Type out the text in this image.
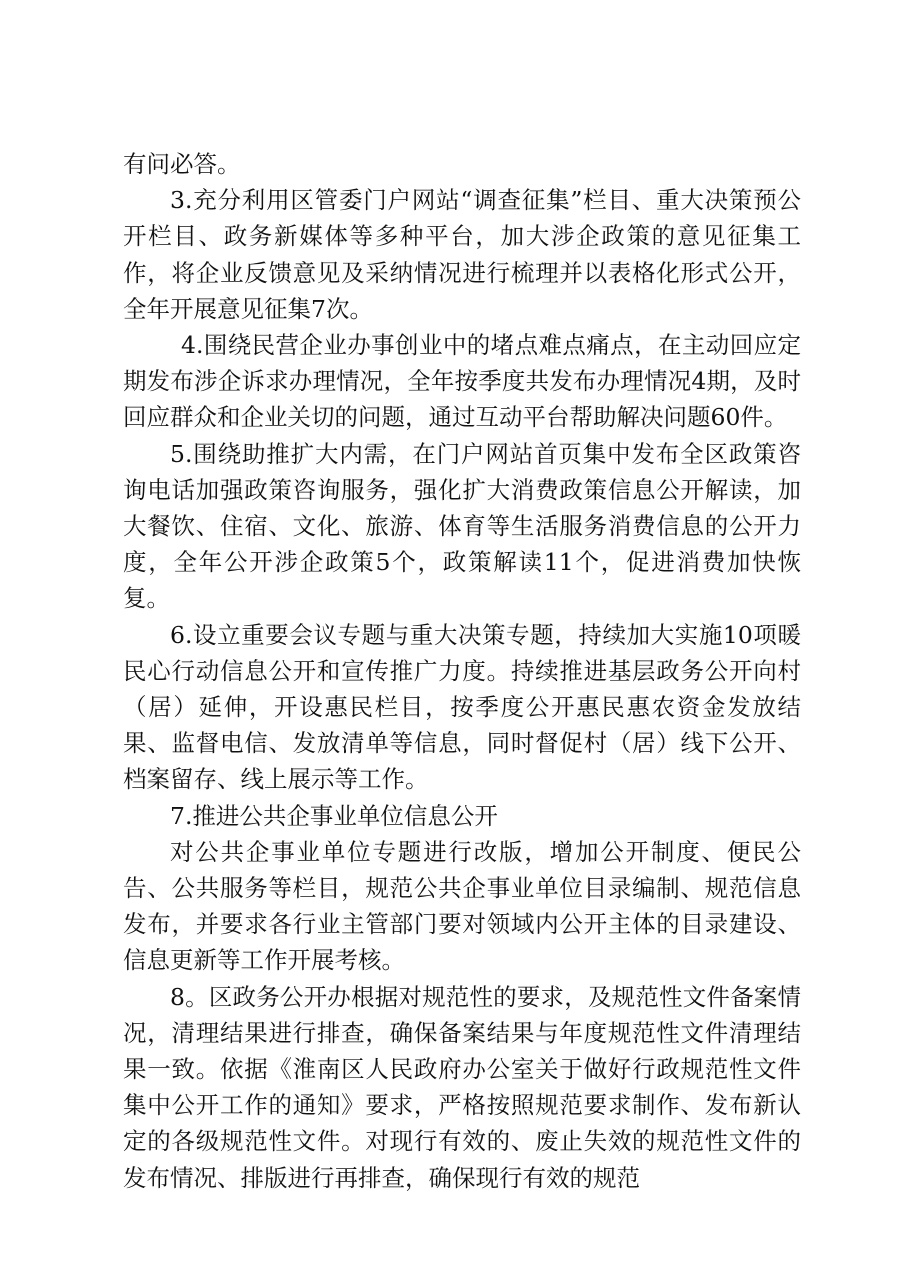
有问必答。

3.充分利用区管委门户网站“调查征集”栏目、重大决策预公开栏目、政务新媒体等多种平台，加大涉企政策的意见征集工作，将企业反馈意见及采纳情况进行梳理并以表格化形式公开，全年开展意见征集7次。

4.围绕民营企业办事创业中的堵点难点痛点，在主动回应定期发布涉企诉求办理情况，全年按季度共发布办理情况4期，及时回应群众和企业关切的问题，通过互动平台帮助解决问题60件。

5.围绕助推扩大内需，在门户网站首页集中发布全区政策咨询电话加强政策咨询服务，强化扩大消费政策信息公开解读，加大餐饮、住宿、文化、旅游、体育等生活服务消费信息的公开力度，全年公开涉企政策5个，政策解读11个，促进消费加快恢复。

6.设立重要会议专题与重大决策专题，持续加大实施10项暖民心行动信息公开和宣传推广力度。持续推进基层政务公开向村（居）延伸，开设惠民栏目，按季度公开惠民惠农资金发放结果、监督电信、发放清单等信息，同时督促村（居）线下公开、档案留存、线上展示等工作。

7.推进公共企事业单位信息公开

对公共企事业单位专题进行改版，增加公开制度、便民公告、公共服务等栏目，规范公共企事业单位目录编制、规范信息发布，并要求各行业主管部门要对领域内公开主体的目录建设、信息更新等工作开展考核。

8。区政务公开办根据对规范性的要求，及规范性文件备案情况，清理结果进行排查，确保备案结果与年度规范性文件清理结果一致。依据《淮南区人民政府办公室关于做好行政规范性文件集中公开工作的通知》要求，严格按照规范要求制作、发布新认定的各级规范性文件。对现行有效的、废止失效的规范性文件的发布情况、排版进行再排查，确保现行有效的规范
